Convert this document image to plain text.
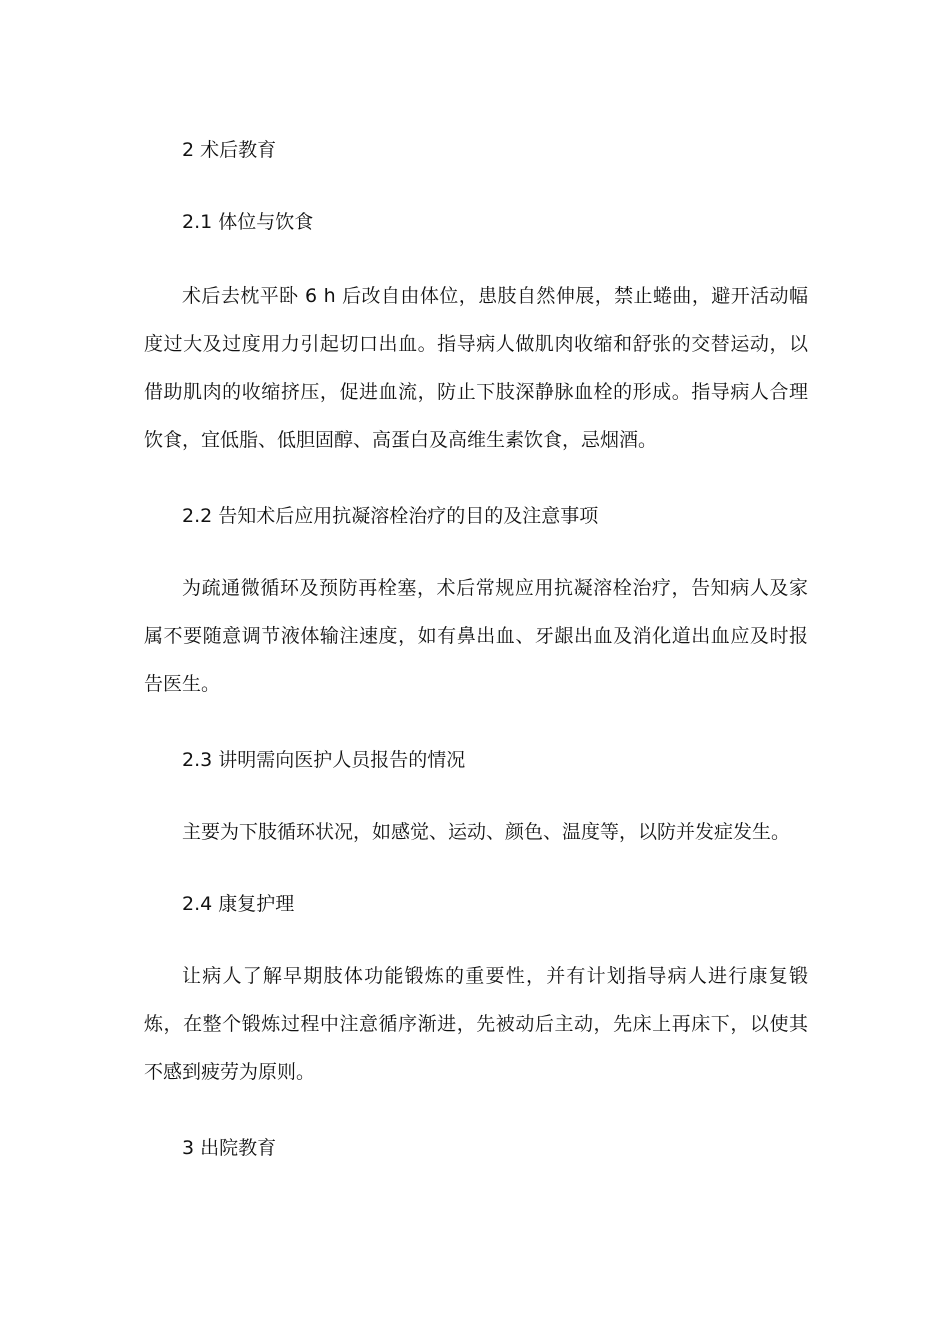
2 术后教育
2.1 体位与饮食
术后去枕平卧 6 h 后改自由体位，患肢自然伸展，禁止蜷曲，避开活动幅度过大及过度用力引起切口出血。指导病人做肌肉收缩和舒张的交替运动，以借助肌肉的收缩挤压，促进血流，防止下肢深静脉血栓的形成。指导病人合理饮食，宜低脂、低胆固醇、高蛋白及高维生素饮食，忌烟酒。
2.2 告知术后应用抗凝溶栓治疗的目的及注意事项
为疏通微循环及预防再栓塞，术后常规应用抗凝溶栓治疗，告知病人及家属不要随意调节液体输注速度，如有鼻出血、牙龈出血及消化道出血应及时报告医生。
2.3 讲明需向医护人员报告的情况
主要为下肢循环状况，如感觉、运动、颜色、温度等，以防并发症发生。
2.4 康复护理
让病人了解早期肢体功能锻炼的重要性，并有计划指导病人进行康复锻炼，在整个锻炼过程中注意循序渐进，先被动后主动，先床上再床下，以使其不感到疲劳为原则。
3 出院教育
